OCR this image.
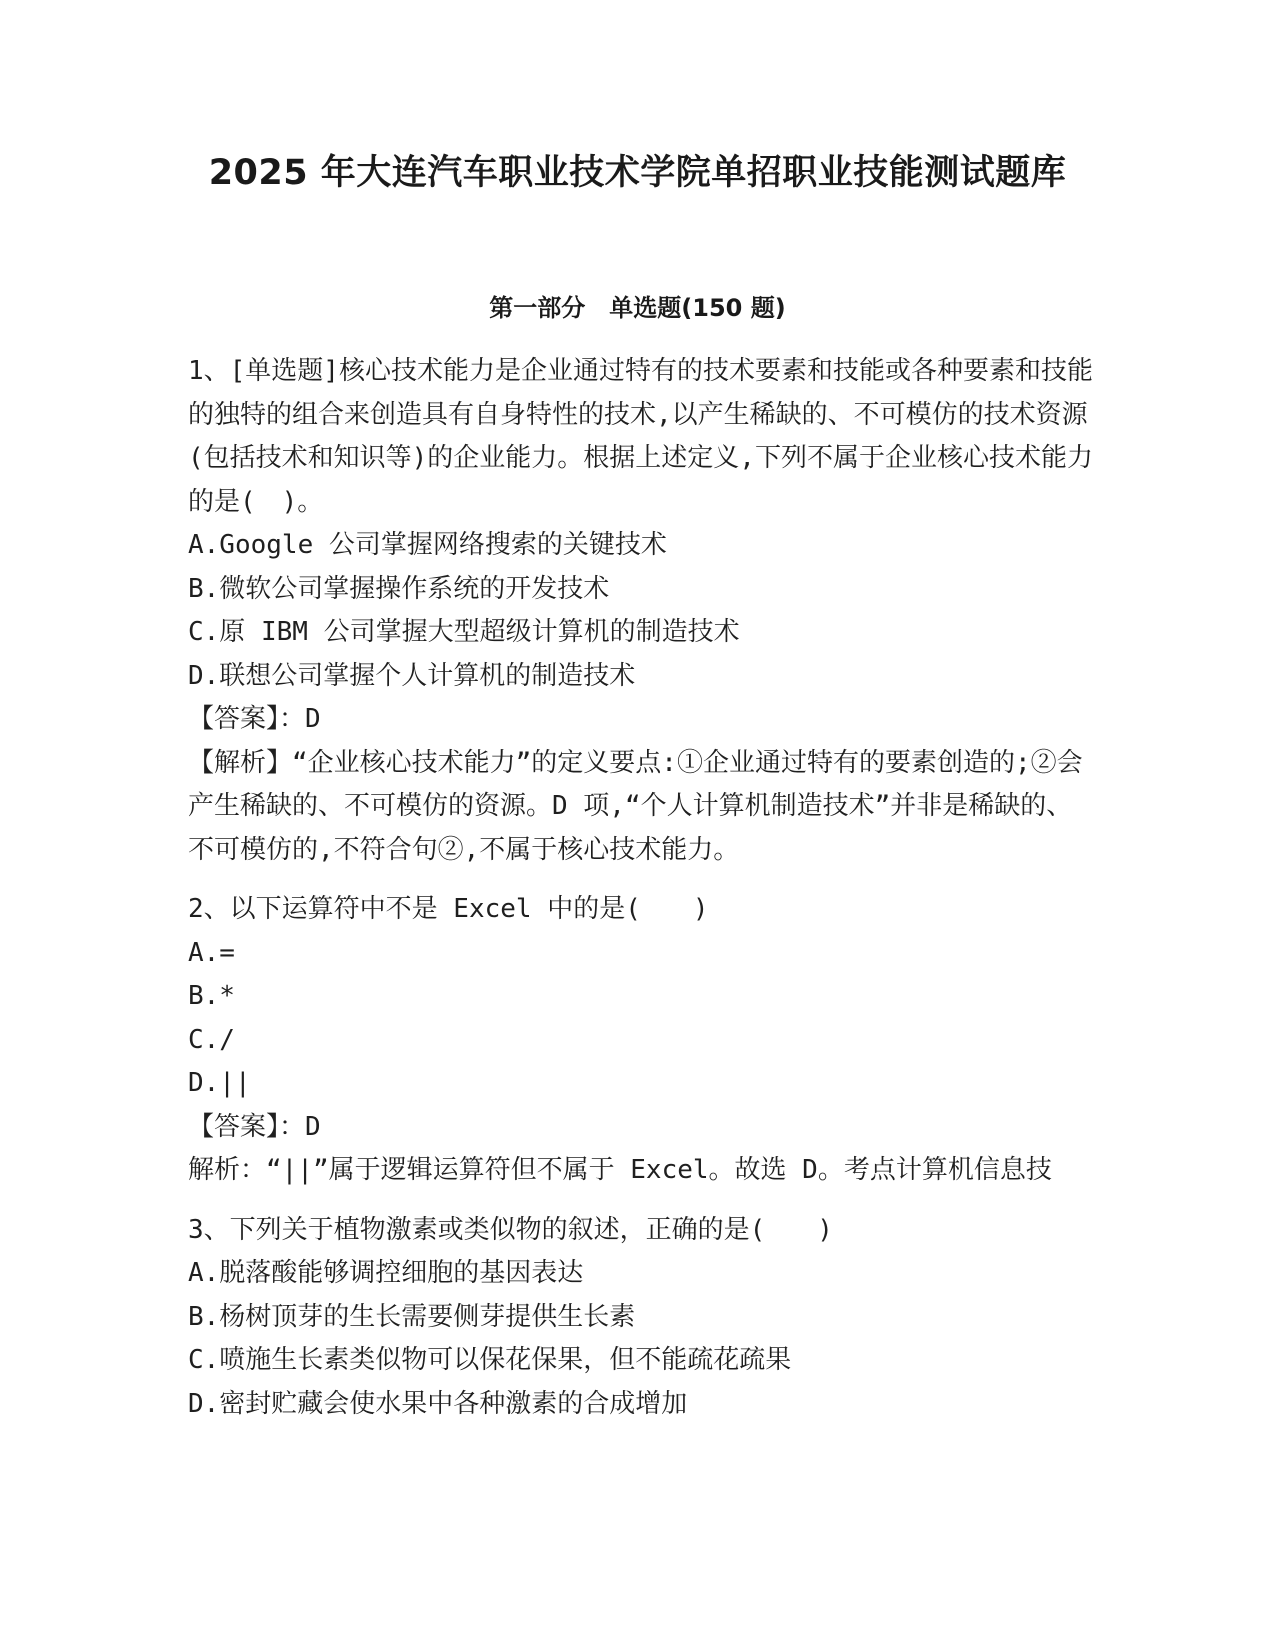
2025 年大连汽车职业技术学院单招职业技能测试题库
第一部分　单选题(150 题)

1、[单选题]核心技术能力是企业通过特有的技术要素和技能或各种要素和技能的独特的组合来创造具有自身特性的技术,以产生稀缺的、不可模仿的技术资源(包括技术和知识等)的企业能力。根据上述定义,下列不属于企业核心技术能力的是(　)。

A.Google 公司掌握网络搜索的关键技术

B.微软公司掌握操作系统的开发技术

C.原 IBM 公司掌握大型超级计算机的制造技术

D.联想公司掌握个人计算机的制造技术

【答案】：D

【解析】“企业核心技术能力”的定义要点:①企业通过特有的要素创造的;②会产生稀缺的、不可模仿的资源。D 项,“个人计算机制造技术”并非是稀缺的、不可模仿的,不符合句②,不属于核心技术能力。

2、以下运算符中不是 Excel 中的是(　　)

A.=

B.*

C./

D.||

【答案】：D

解析：“||”属于逻辑运算符但不属于 Excel。故选 D。考点计算机信息技

3、下列关于植物激素或类似物的叙述，正确的是(　　)

A.脱落酸能够调控细胞的基因表达

B.杨树顶芽的生长需要侧芽提供生长素

C.喷施生长素类似物可以保花保果，但不能疏花疏果

D.密封贮藏会使水果中各种激素的合成增加
